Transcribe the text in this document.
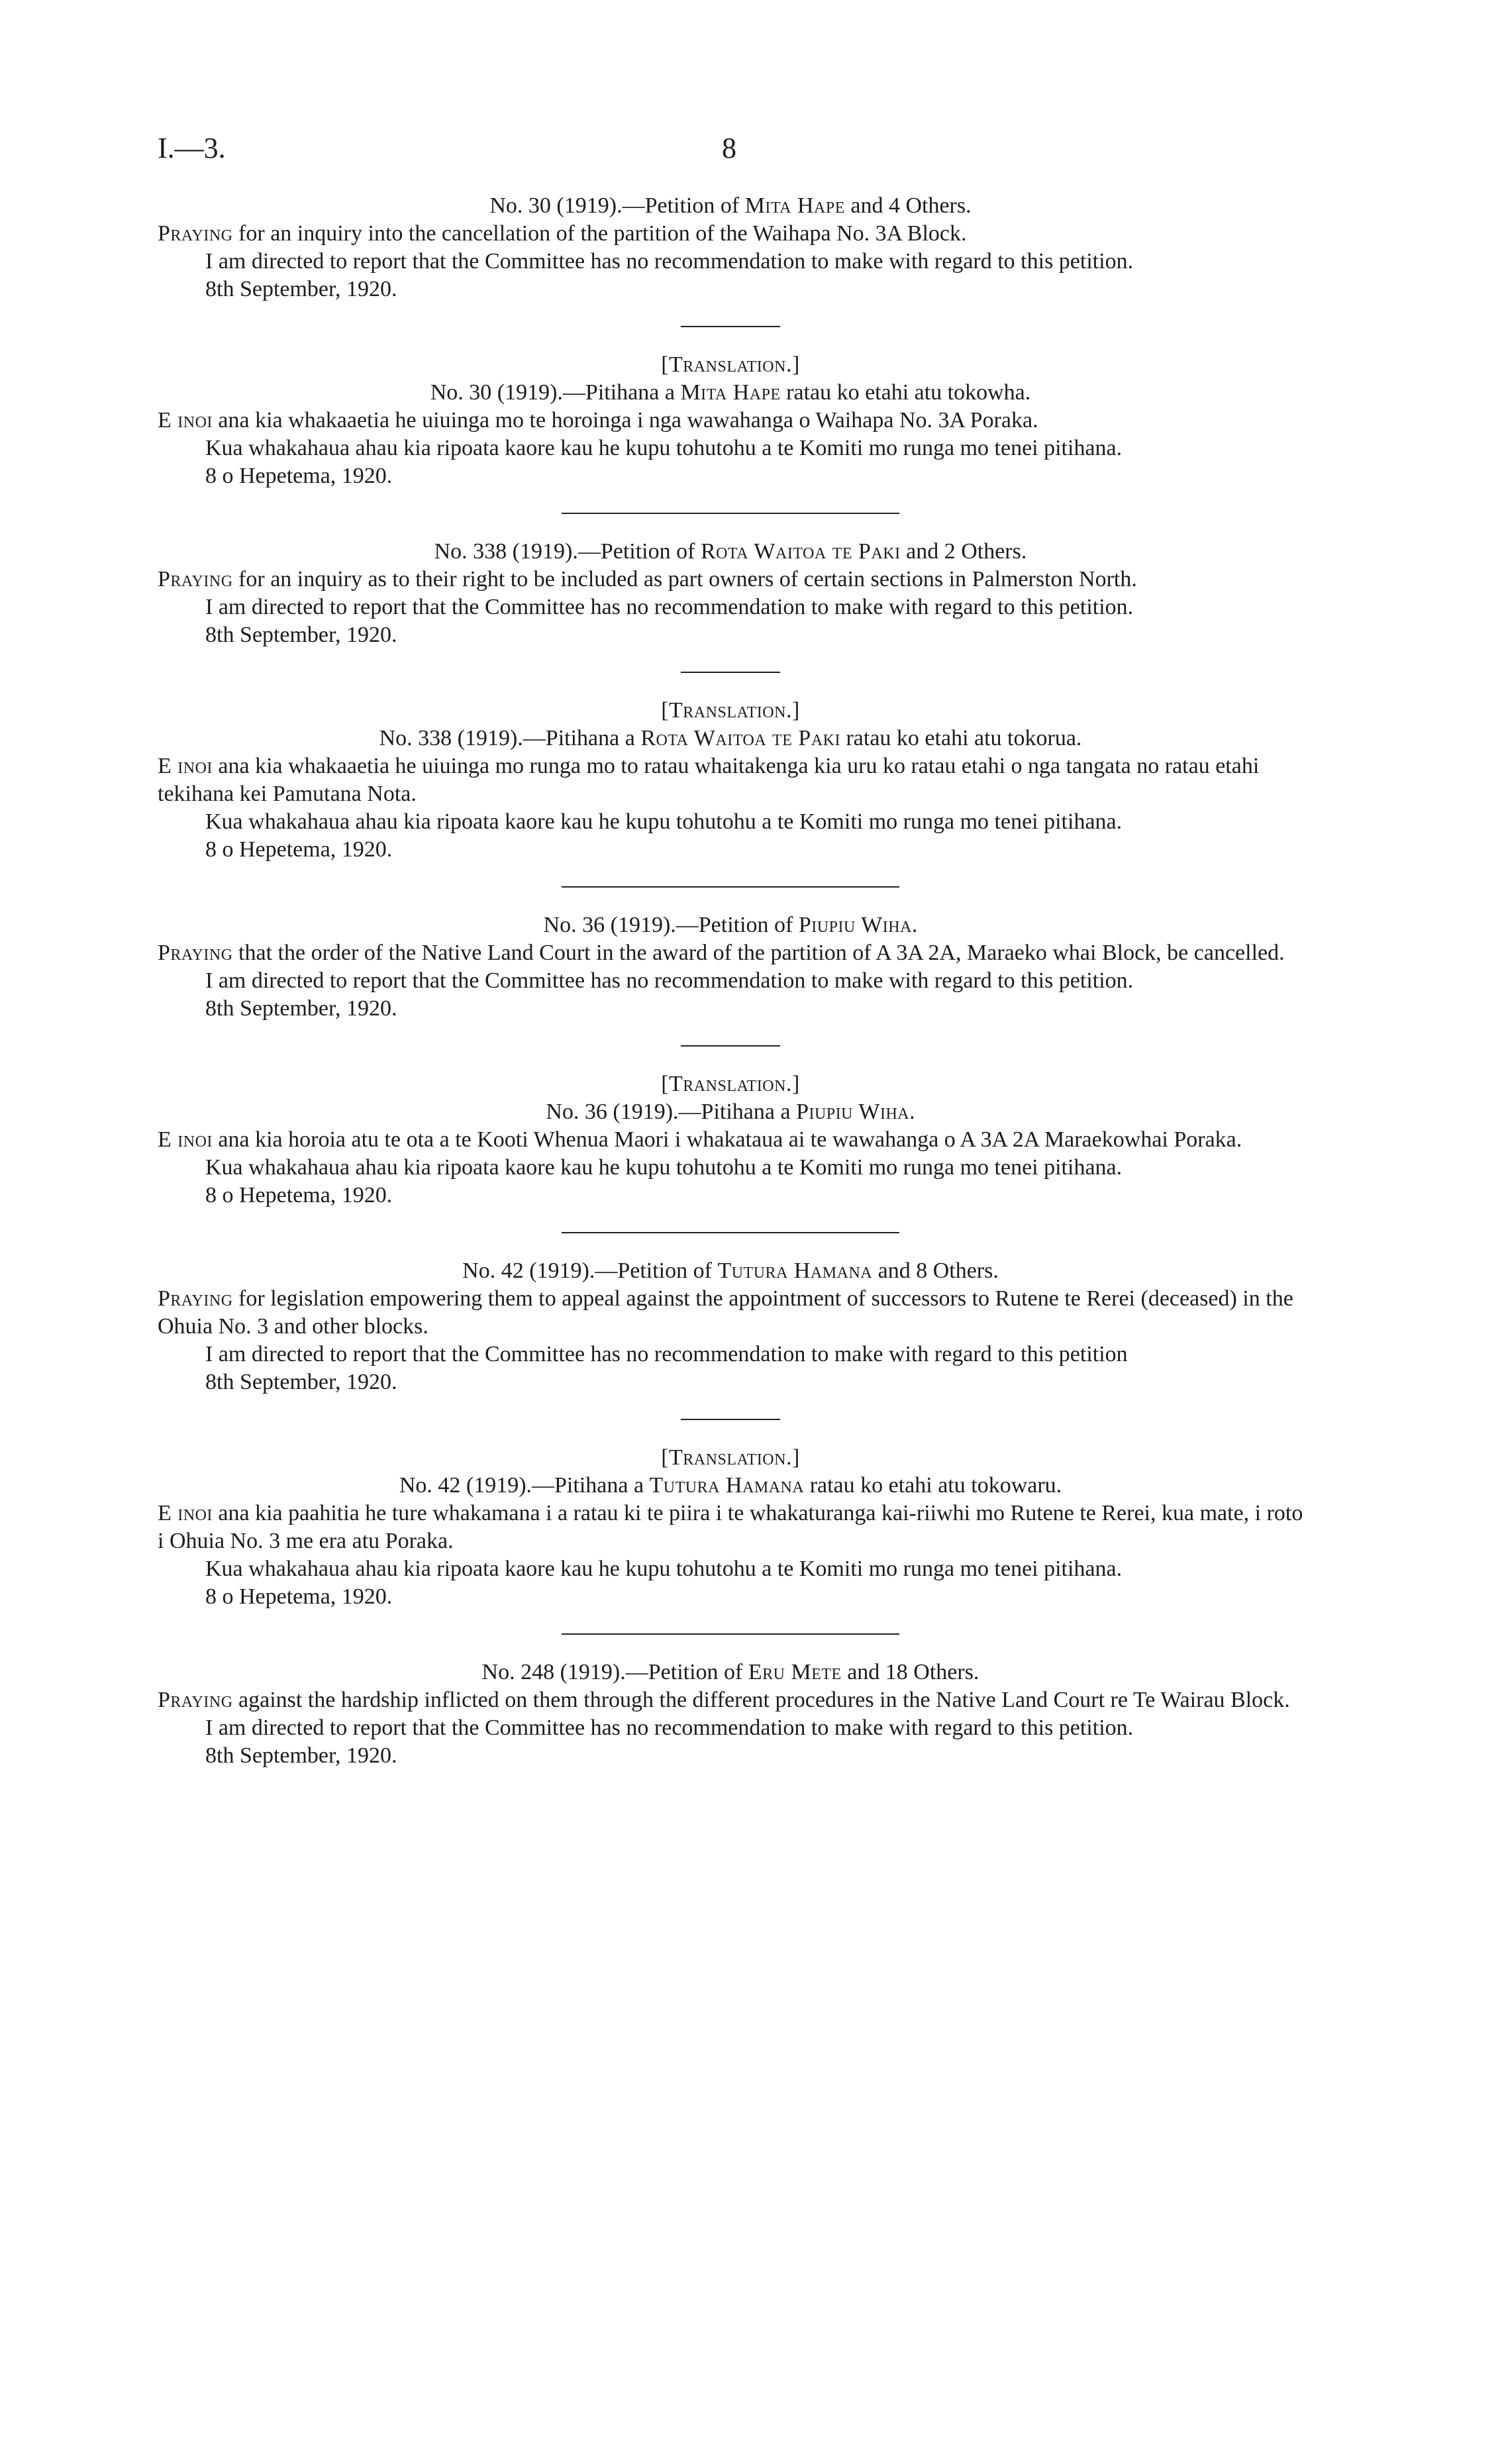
I.—3.	8

No. 30 (1919).—Petition of Mita Hape and 4 Others.

Praying for an inquiry into the cancellation of the partition of the Waihapa No. 3A Block.

I am directed to report that the Committee has no recommendation to make with regard to this petition.

8th September, 1920.

[Translation.]

No. 30 (1919).—Pitihana a Mita Hape ratau ko etahi atu tokowha.

E inoi ana kia whakaaetia he uiuinga mo te horoinga i nga wawahanga o Waihapa No. 3A Poraka.

Kua whakahaua ahau kia ripoata kaore kau he kupu tohutohu a te Komiti mo runga mo tenei pitihana.

8 o Hepetema, 1920.

No. 338 (1919).—Petition of Rota Waitoa te Paki and 2 Others.

Praying for an inquiry as to their right to be included as part owners of certain sections in Palmerston North.

I am directed to report that the Committee has no recommendation to make with regard to this petition.

8th September, 1920.

[Translation.]

No. 338 (1919).—Pitihana a Rota Waitoa te Paki ratau ko etahi atu tokorua.

E inoi ana kia whakaaetia he uiuinga mo runga mo to ratau whaitakenga kia uru ko ratau etahi o nga tangata no ratau etahi tekihana kei Pamutana Nota.

Kua whakahaua ahau kia ripoata kaore kau he kupu tohutohu a te Komiti mo runga mo tenei pitihana.

8 o Hepetema, 1920.

No. 36 (1919).—Petition of Piupiu Wiha.

Praying that the order of the Native Land Court in the award of the partition of A 3A 2A, Maraeko whai Block, be cancelled.

I am directed to report that the Committee has no recommendation to make with regard to this petition.

8th September, 1920.

[Translation.]

No. 36 (1919).—Pitihana a Piupiu Wiha.

E inoi ana kia horoia atu te ota a te Kooti Whenua Maori i whakataua ai te wawahanga o A 3A 2A Maraekowhai Poraka.

Kua whakahaua ahau kia ripoata kaore kau he kupu tohutohu a te Komiti mo runga mo tenei pitihana.

8 o Hepetema, 1920.

No. 42 (1919).—Petition of Tutura Hamana and 8 Others.

Praying for legislation empowering them to appeal against the appointment of successors to Rutene te Rerei (deceased) in the Ohuia No. 3 and other blocks.

I am directed to report that the Committee has no recommendation to make with regard to this petition

8th September, 1920.

[Translation.]

No. 42 (1919).—Pitihana a Tutura Hamana ratau ko etahi atu tokowaru.

E inoi ana kia paahitia he ture whakamana i a ratau ki te piira i te whakaturanga kai-riiwhi mo Rutene te Rerei, kua mate, i roto i Ohuia No. 3 me era atu Poraka.

Kua whakahaua ahau kia ripoata kaore kau he kupu tohutohu a te Komiti mo runga mo tenei pitihana.

8 o Hepetema, 1920.

No. 248 (1919).—Petition of Eru Mete and 18 Others.

Praying against the hardship inflicted on them through the different procedures in the Native Land Court re Te Wairau Block.

I am directed to report that the Committee has no recommendation to make with regard to this petition.

8th September, 1920.
